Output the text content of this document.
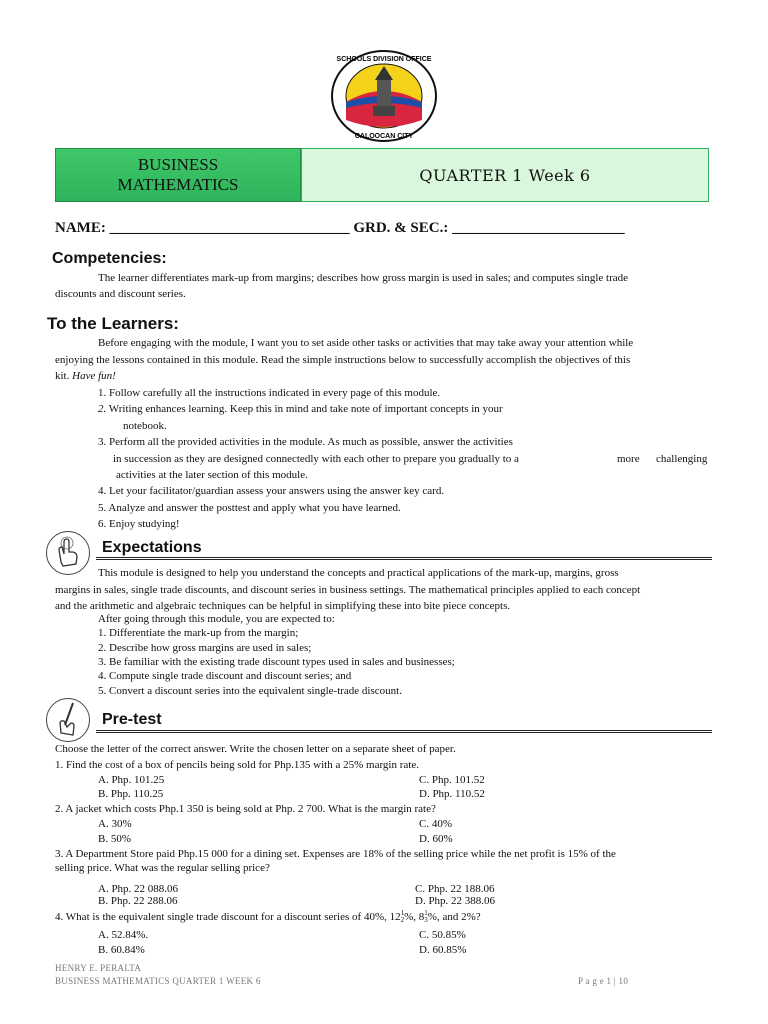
SCHOOLS DIVISION OFFICE
CALOOCAN CITY
BUSINESS
MATHEMATICS	QUARTER 1 Week 6
NAME: ________________________________ GRD. & SEC.: _______________________
Competencies:
The learner differentiates mark-up from margins; describes how gross margin is used in sales; and computes single trade
discounts and discount series.
To the Learners:
Before engaging with the module, I want you to set aside other tasks or activities that may take away your attention while
enjoying the lessons contained in this module. Read the simple instructions below to successfully accomplish the objectives of this
kit. Have fun!
1. Follow carefully all the instructions indicated in every page of this module.
2. Writing enhances learning. Keep this in mind and take note of important concepts in your
notebook.
3. Perform all the provided activities in the module. As much as possible, answer the activities
in succession as they are designed connectedly with each other to prepare you gradually to a	more challenging
activities at the later section of this module.
4. Let your facilitator/guardian assess your answers using the answer key card.
5. Analyze and answer the posttest and apply what you have learned.
6. Enjoy studying!
Expectations
This module is designed to help you understand the concepts and practical applications of the mark-up, margins, gross
margins in sales, single trade discounts, and discount series in business settings. The mathematical principles applied to each concept
and the arithmetic and algebraic techniques can be helpful in simplifying these into bite piece concepts.
After going through this module, you are expected to:
1. Differentiate the mark-up from the margin;
2. Describe how gross margins are used in sales;
3. Be familiar with the existing trade discount types used in sales and businesses;
4. Compute single trade discount and discount series; and
5. Convert a discount series into the equivalent single-trade discount.
Pre-test
Choose the letter of the correct answer. Write the chosen letter on a separate sheet of paper.
1. Find the cost of a box of pencils being sold for Php.135 with a 25% margin rate.
A. Php. 101.25
B. Php. 110.25
C. Php. 101.52
D. Php. 110.52
2. A jacket which costs Php.1 350 is being sold at Php. 2 700. What is the margin rate?
A. 30%
B. 50%
C. 40%
D. 60%
3. A Department Store paid Php.15 000 for a dining set. Expenses are 18% of the selling price while the net profit is 15% of the
selling price. What was the regular selling price?
A. Php. 22 088.06
B. Php. 22 288.06
C. Php. 22 188.06
D. Php. 22 388.06
4. What is the equivalent single trade discount for a discount series of 40%, 121
2%, 81
3%, and 2%?
A. 52.84%.
B. 60.84%
C. 50.85%
D. 60.85%
HENRY E. PERALTA
BUSINESS MATHEMATICS QUARTER 1 WEEK 6	P a g e 1 | 10
